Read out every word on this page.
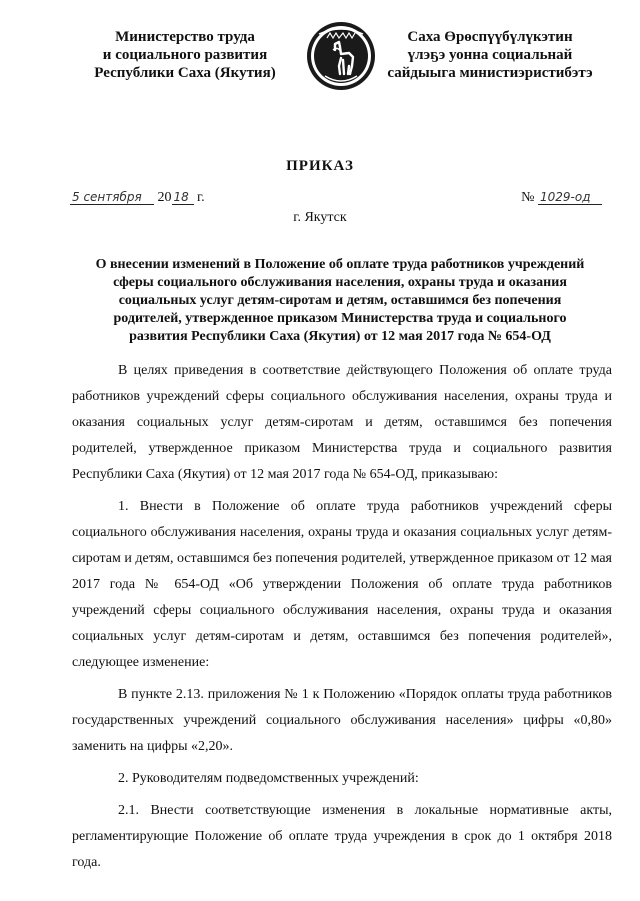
Министерство труда
и социального развития
Республики Саха (Якутия)
Саха Өрөспүүбүлүкэтин
үлэҕэ уонна социальнай
сайдыыга министиэристибэтэ
ПРИКАЗ
5 сентября 20 18 г.	№ 1029-од
г. Якутск
О внесении изменений в Положение об оплате труда работников учреждений
сферы социального обслуживания населения, охраны труда и оказания
социальных услуг детям-сиротам и детям, оставшимся без попечения
родителей, утвержденное приказом Министерства труда и социального
развития Республики Саха (Якутия) от 12 мая 2017 года № 654-ОД

В целях приведения в соответствие действующего Положения об оплате труда работников учреждений сферы социального обслуживания населения, охраны труда и оказания социальных услуг детям-сиротам и детям, оставшимся без попечения родителей, утвержденное приказом Министерства труда и социального развития Республики Саха (Якутия) от 12 мая 2017 года № 654-ОД, приказываю:

1. Внести в Положение об оплате труда работников учреждений сферы социального обслуживания населения, охраны труда и оказания социальных услуг детям-сиротам и детям, оставшимся без попечения родителей, утвержденное приказом от 12 мая 2017 года № 654-ОД «Об утверждении Положения об оплате труда работников учреждений сферы социального обслуживания населения, охраны труда и оказания социальных услуг детям-сиротам и детям, оставшимся без попечения родителей», следующее изменение:

В пункте 2.13. приложения № 1 к Положению «Порядок оплаты труда работников государственных учреждений социального обслуживания населения» цифры «0,80» заменить на цифры «2,20».

2. Руководителям подведомственных учреждений:

2.1. Внести соответствующие изменения в локальные нормативные акты, регламентирующие Положение об оплате труда учреждения в срок до 1 октября 2018 года.
